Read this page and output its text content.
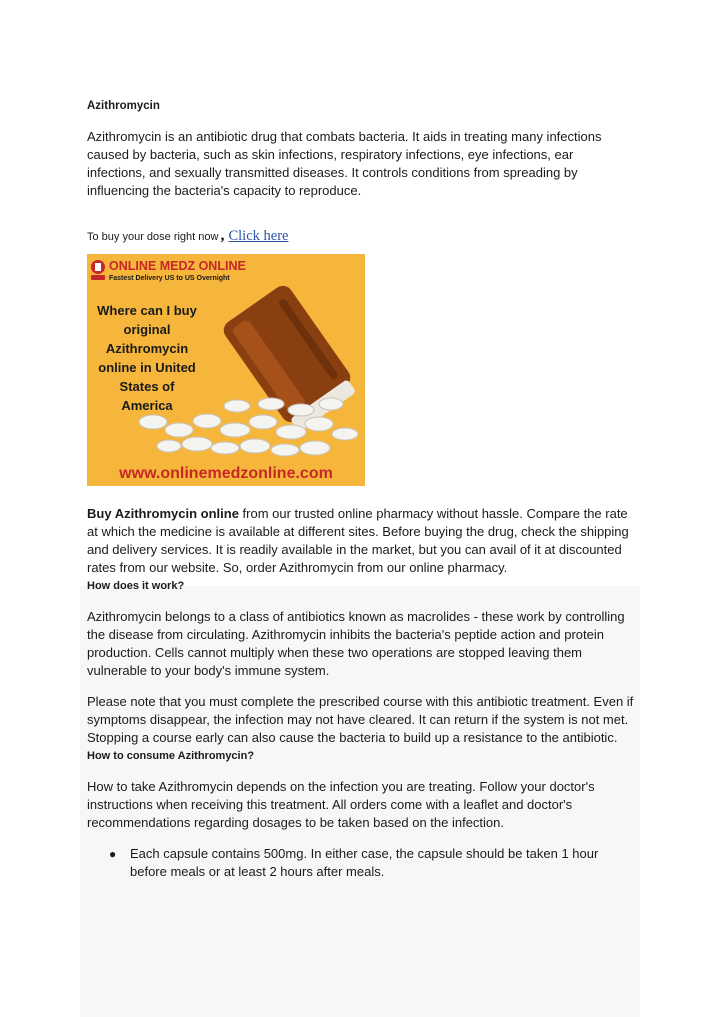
Azithromycin

Azithromycin is an antibiotic drug that combats bacteria. It aids in treating many infections caused by bacteria, such as skin infections, respiratory infections, eye infections, ear infections, and sexually transmitted diseases. It controls conditions from spreading by influencing the bacteria's capacity to reproduce.

To buy your dose right now , Click here
ONLINE MEDZ ONLINE
Fastest Delivery US to US Overnight
Where can I buy
original
Azithromycin
online in United
States of
America
www.onlinemedzonline.com

Buy Azithromycin online from our trusted online pharmacy without hassle. Compare the rate at which the medicine is available at different sites. Before buying the drug, check the shipping and delivery services. It is readily available in the market, but you can avail of it at discounted rates from our website. So, order Azithromycin from our online pharmacy.

How does it work?

Azithromycin belongs to a class of antibiotics known as macrolides - these work by controlling the disease from circulating. Azithromycin inhibits the bacteria's peptide action and protein production. Cells cannot multiply when these two operations are stopped leaving them vulnerable to your body's immune system.

Please note that you must complete the prescribed course with this antibiotic treatment. Even if symptoms disappear, the infection may not have cleared. It can return if the system is not met. Stopping a course early can also cause the bacteria to build up a resistance to the antibiotic.

How to consume Azithromycin?

How to take Azithromycin depends on the infection you are treating. Follow your doctor's instructions when receiving this treatment. All orders come with a leaflet and doctor's recommendations regarding dosages to be taken based on the infection.

● Each capsule contains 500mg. In either case, the capsule should be taken 1 hour before meals or at least 2 hours after meals.
